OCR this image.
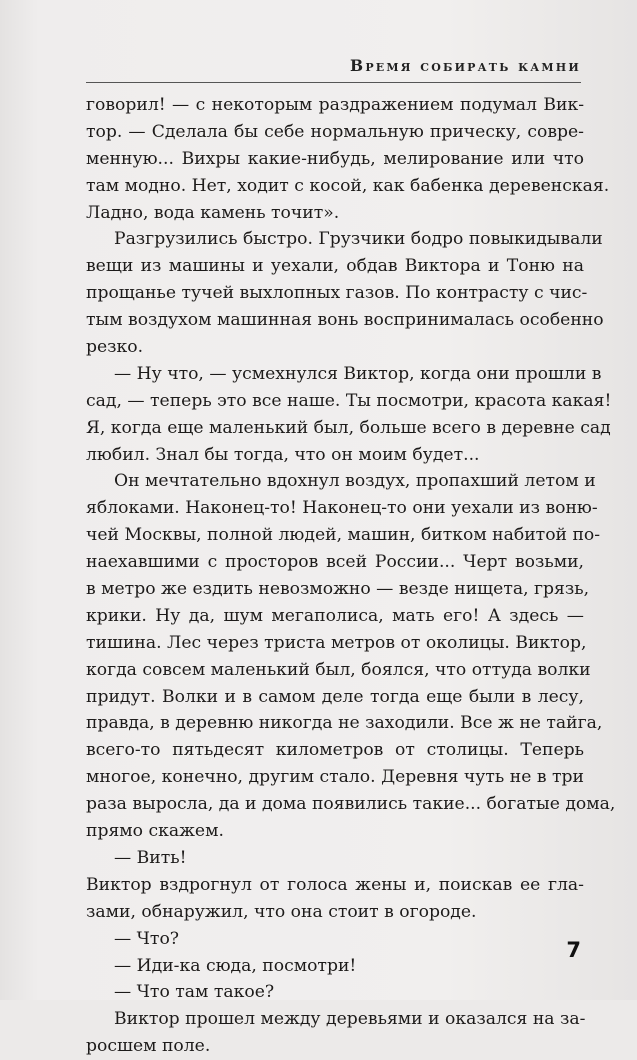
Время собирать камни
говорил! — с некоторым раздражением подумал Вик-
тор. — Сделала бы себе нормальную прическу, совре-
менную... Вихры какие-нибудь, мелирование или что
там модно. Нет, ходит с косой, как бабенка деревенская.
Ладно, вода камень точит».
Разгрузились быстро. Грузчики бодро повыкидывали
вещи из машины и уехали, обдав Виктора и Тоню на
прощанье тучей выхлопных газов. По контрасту с чис-
тым воздухом машинная вонь воспринималась особенно
резко.
— Ну что, — усмехнулся Виктор, когда они прошли в
сад, — теперь это все наше. Ты посмотри, красота какая!
Я, когда еще маленький был, больше всего в деревне сад
любил. Знал бы тогда, что он моим будет...
Он мечтательно вдохнул воздух, пропахший летом и
яблоками. Наконец-то! Наконец-то они уехали из воню-
чей Москвы, полной людей, машин, битком набитой по-
наехавшими с просторов всей России... Черт возьми,
в метро же ездить невозможно — везде нищета, грязь,
крики. Ну да, шум мегаполиса, мать его! А здесь —
тишина. Лес через триста метров от околицы. Виктор,
когда совсем маленький был, боялся, что оттуда волки
придут. Волки и в самом деле тогда еще были в лесу,
правда, в деревню никогда не заходили. Все ж не тайга,
всего-то пятьдесят километров от столицы. Теперь
многое, конечно, другим стало. Деревня чуть не в три
раза выросла, да и дома появились такие... богатые дома,
прямо скажем.
— Вить!
Виктор вздрогнул от голоса жены и, поискав ее гла-
зами, обнаружил, что она стоит в огороде.
— Что?
— Иди-ка сюда, посмотри!
— Что там такое?
Виктор прошел между деревьями и оказался на за-
росшем поле.
7
